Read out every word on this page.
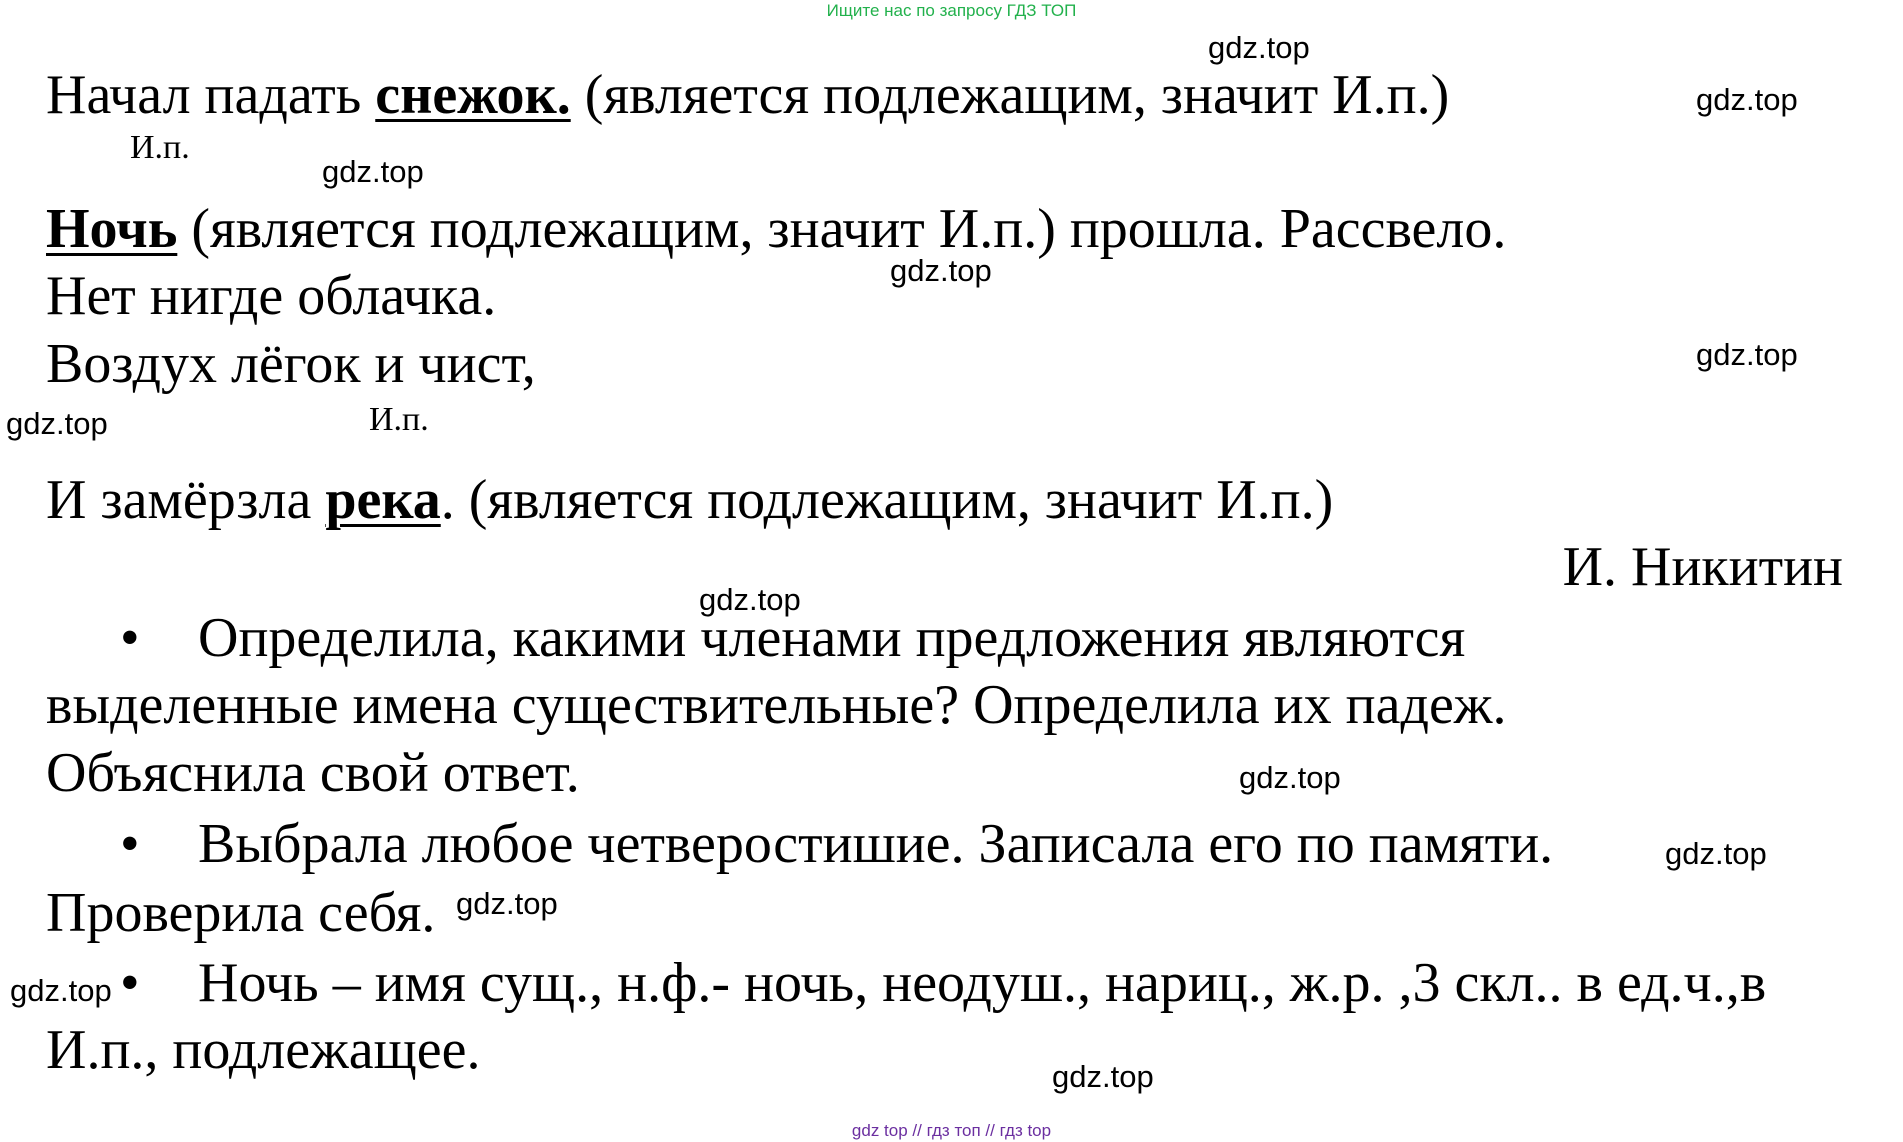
Ищите нас по запросу ГДЗ ТОП
gdz.top
gdz.top
gdz.top
gdz.top
gdz.top
gdz.top
gdz.top
gdz.top
gdz.top
gdz.top
gdz.top
gdz.top
Начал падать снежок. (является подлежащим, значит И.п.)
И.п.
Ночь (является подлежащим, значит И.п.) прошла. Рассвело.
Нет нигде облачка.
Воздух лёгок и чист,
И.п.
И замёрзла река. (является подлежащим, значит И.п.)
И. Никитин
• Определила, какими членами предложения являются
выделенные имена существительные? Определила их падеж.
Объяснила свой ответ.
• Выбрала любое четверостишие. Записала его по памяти.
Проверила себя.
• Ночь – имя сущ., н.ф.- ночь, неодуш., нариц., ж.р. ,3 скл.. в ед.ч.,в
И.п., подлежащее.
gdz top // гдз топ // гдз top
